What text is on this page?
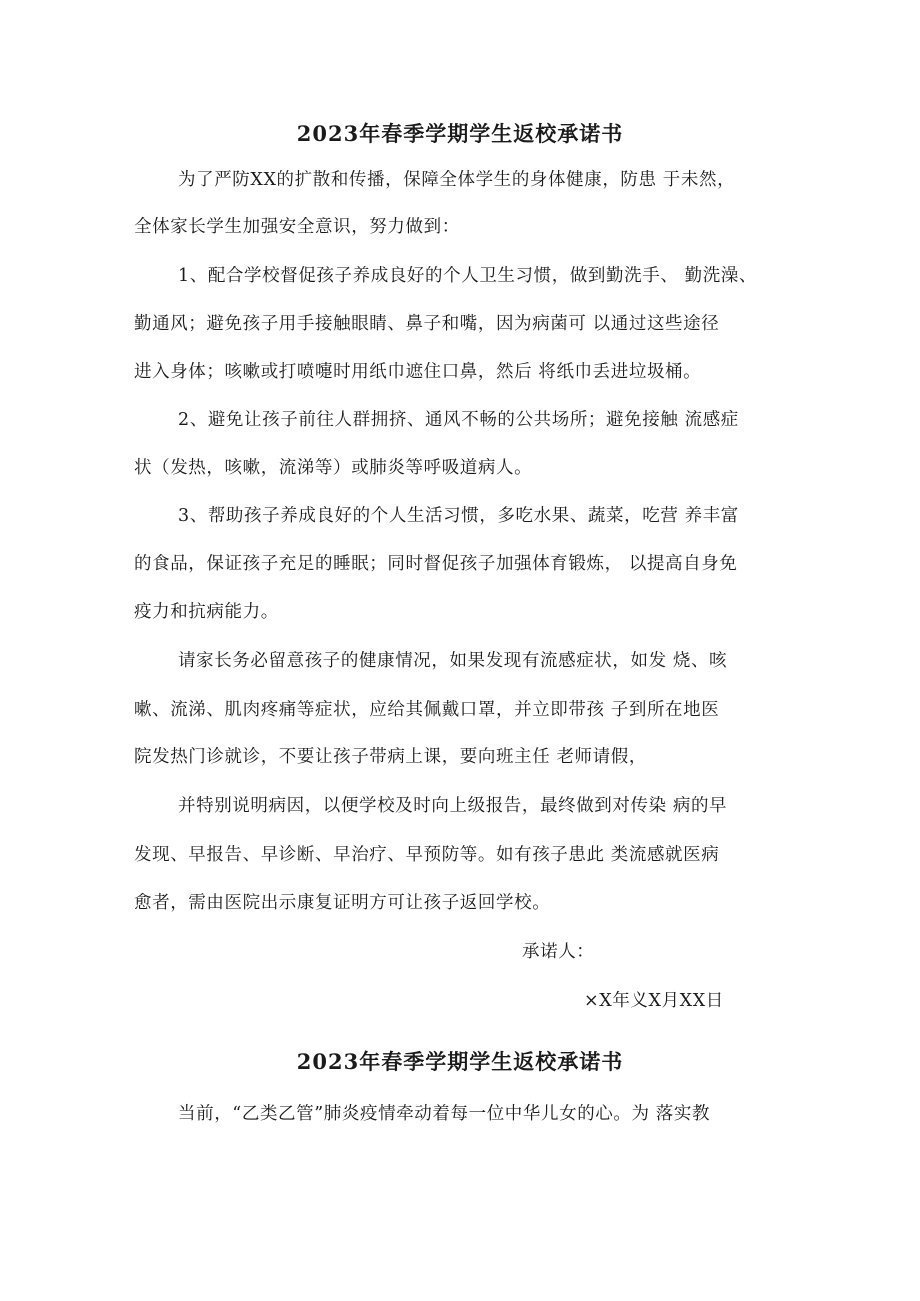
2023年春季学期学生返校承诺书
为了严防XX的扩散和传播，保障全体学生的身体健康，防患 于未然，
全体家长学生加强安全意识，努力做到：
1、配合学校督促孩子养成良好的个人卫生习惯，做到勤洗手、 勤洗澡、
勤通风；避免孩子用手接触眼睛、鼻子和嘴，因为病菌可 以通过这些途径
进入身体；咳嗽或打喷嚏时用纸巾遮住口鼻，然后 将纸巾丢进垃圾桶。
2、避免让孩子前往人群拥挤、通风不畅的公共场所；避免接触 流感症
状（发热，咳嗽，流涕等）或肺炎等呼吸道病人。
3、帮助孩子养成良好的个人生活习惯，多吃水果、蔬菜，吃营 养丰富
的食品，保证孩子充足的睡眠；同时督促孩子加强体育锻炼， 以提高自身免
疫力和抗病能力。
请家长务必留意孩子的健康情况，如果发现有流感症状，如发 烧、咳
嗽、流涕、肌肉疼痛等症状，应给其佩戴口罩，并立即带孩 子到所在地医
院发热门诊就诊，不要让孩子带病上课，要向班主任 老师请假，
并特别说明病因，以便学校及时向上级报告，最终做到对传染 病的早
发现、早报告、早诊断、早治疗、早预防等。如有孩子患此 类流感就医病
愈者，需由医院出示康复证明方可让孩子返回学校。
承诺人：
×X年义X月XX日
2023年春季学期学生返校承诺书
当前，“乙类乙管”肺炎疫情牵动着每一位中华儿女的心。为 落实教
